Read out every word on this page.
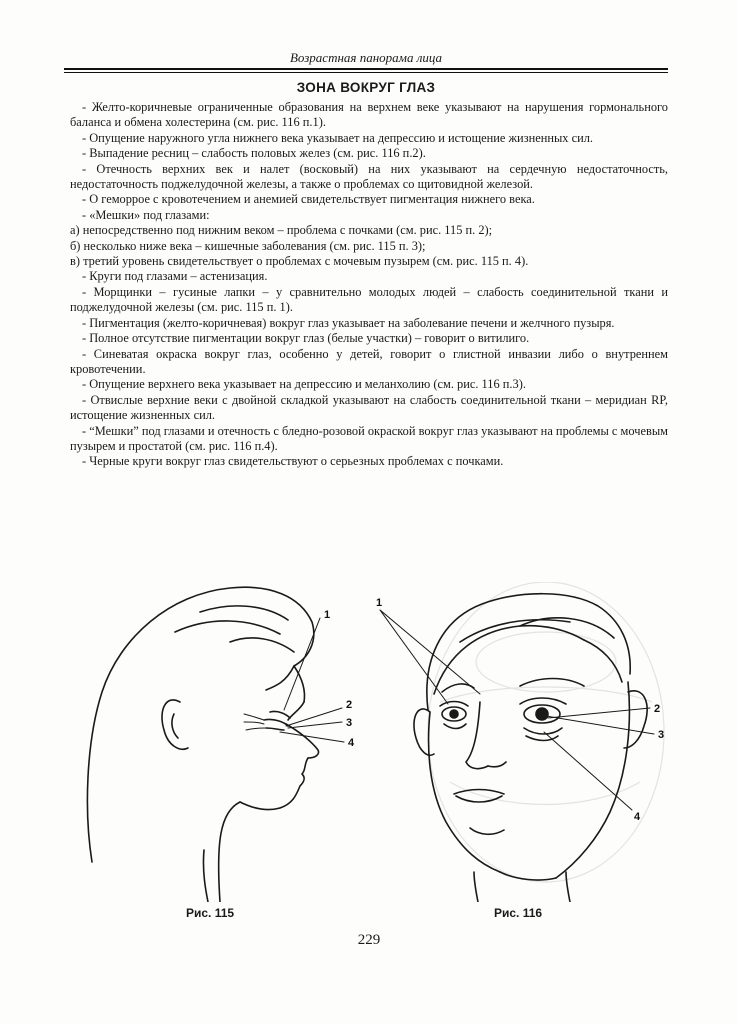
Возрастная панорама лица
ЗОНА ВОКРУГ ГЛАЗ

- Желто-коричневые ограниченные образования на верхнем веке указывают на нарушения гормонального баланса и обмена холестерина (см. рис. 116 п.1).

- Опущение наружного угла нижнего века указывает на депрессию и истощение жизненных сил.

- Выпадение ресниц – слабость половых желез (см. рис. 116 п.2).

- Отечность верхних век и налет (восковый) на них указывают на сердечную недостаточность, недостаточность поджелудочной железы, а также о проблемах со щитовидной железой.

- О геморрое с кровотечением и анемией свидетельствует пигментация нижнего века.

- «Мешки» под глазами:

а) непосредственно под нижним веком – проблема с почками (см. рис. 115 п. 2);

б) несколько ниже века – кишечные заболевания (см. рис. 115 п. 3);

в) третий уровень свидетельствует о проблемах с мочевым пузырем (см. рис. 115 п. 4).

- Круги под глазами – астенизация.

- Морщинки – гусиные лапки – у сравнительно молодых людей – слабость соединительной ткани и поджелудочной железы (см. рис. 115 п. 1).

- Пигментация (желто-коричневая) вокруг глаз указывает на заболевание печени и желчного пузыря.

- Полное отсутствие пигментации вокруг глаз (белые участки) – говорит о витилиго.

- Синеватая окраска вокруг глаз, особенно у детей, говорит о глистной инвазии либо о внутреннем кровотечении.

- Опущение верхнего века указывает на депрессию и меланхолию (см. рис. 116 п.3).

- Отвислые верхние веки с двойной складкой указывают на слабость соединительной ткани – меридиан RP, истощение жизненных сил.

- “Мешки” под глазами и отечность с бледно-розовой окраской вокруг глаз указывают на проблемы с мочевым пузырем и простатой (см. рис. 116 п.4).

- Черные круги вокруг глаз свидетельствуют о серьезных проблемах с почками.

1
2
3
4
1
2
3
4
Рис. 115	Рис. 116
229
